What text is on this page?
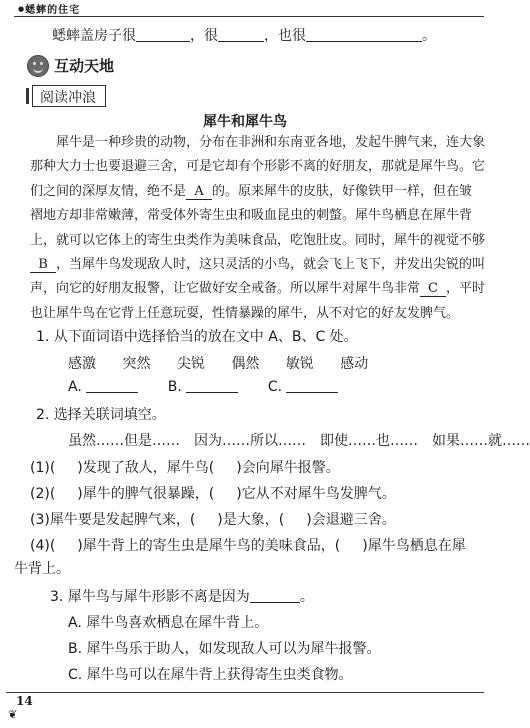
● 蟋蟀的住宅
蟋蟀盖房子很	，很	，也很	。
互动天地
阅读冲浪
犀牛和犀牛鸟
　　犀牛是一种珍贵的动物，分布在非洲和东南亚各地，发起牛脾气来，连大象
那种大力士也要退避三舍，可是它却有个形影不离的好朋友，那就是犀牛鸟。它
们之间的深厚友情，绝不是 A 的。原来犀牛的皮肤，好像铁甲一样，但在皱
褶地方却非常嫩薄，常受体外寄生虫和吸血昆虫的刺螫。犀牛鸟栖息在犀牛背
上，就可以它体上的寄生虫类作为美味食品，吃饱肚皮。同时，犀牛的视觉不够
B ，当犀牛鸟发现敌人时，这只灵活的小鸟，就会飞上飞下，并发出尖锐的叫
声，向它的好朋友报警，让它做好安全戒备。所以犀牛对犀牛鸟非常 C ，平时
也让犀牛鸟在它背上任意玩耍，性情暴躁的犀牛，从不对它的好友发脾气。
1. 从下面词语中选择恰当的放在文中 A、B、C 处。
感激 突然 尖锐 偶然 敏锐 感动
A.	B.	C.
2. 选择关联词填空。
虽然……但是……　因为……所以……　即使……也……　如果……就……
(1)( )发现了敌人，犀牛鸟( )会向犀牛报警。
(2)( )犀牛的脾气很暴躁，( )它从不对犀牛鸟发脾气。
(3)犀牛要是发起脾气来，( )是大象，( )会退避三舍。
(4)( )犀牛背上的寄生虫是犀牛鸟的美味食品，( )犀牛鸟栖息在犀
牛背上。
3. 犀牛鸟与犀牛形影不离是因为	。
A. 犀牛鸟喜欢栖息在犀牛背上。
B. 犀牛鸟乐于助人，如发现敌人可以为犀牛报警。
C. 犀牛鸟可以在犀牛背上获得寄生虫类食物。
14
❦
